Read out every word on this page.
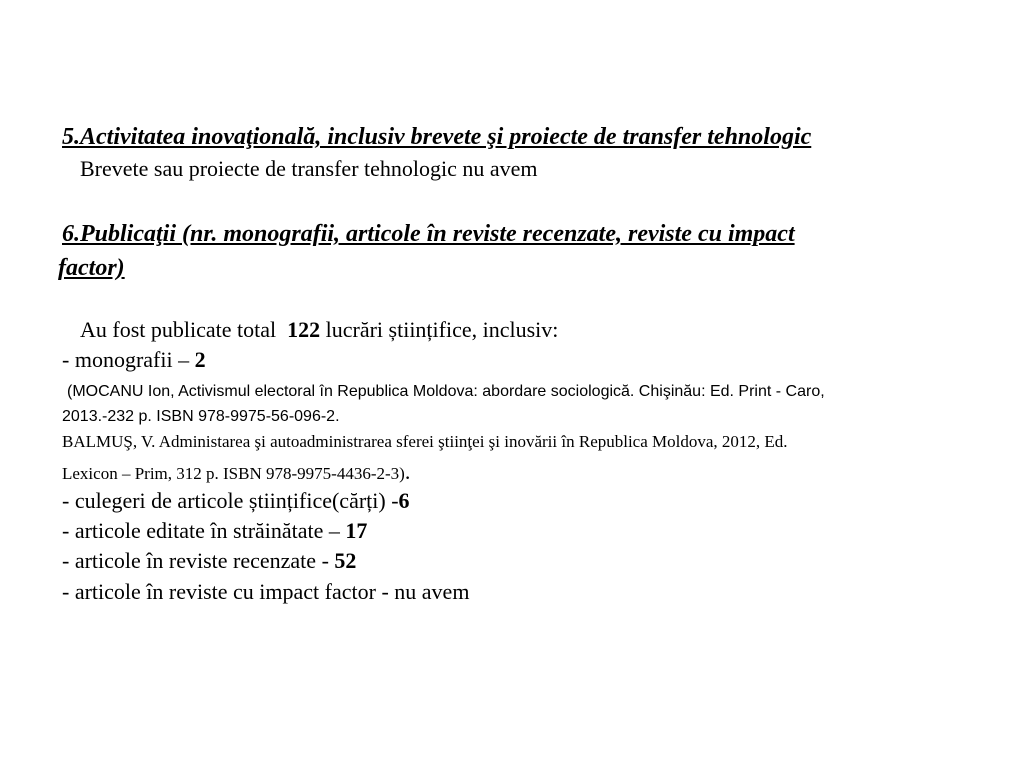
5.Activitatea inovaţională, inclusiv brevete şi proiecte de transfer tehnologic
Brevete sau proiecte de transfer tehnologic nu avem
6.Publicaţii (nr. monografii, articole în reviste recenzate, reviste cu impact
factor)
Au fost publicate total 122 lucrări științifice, inclusiv:
- monografii – 2
(MOCANU Ion, Activismul electoral în Republica Moldova: abordare sociologică. Chişinău: Ed. Print - Caro,
2013.-232 p. ISBN 978-9975-56-096-2.
BALMUŞ, V. Administarea şi autoadministrarea sferei ştiinţei şi inovării în Republica Moldova, 2012, Ed.
Lexicon – Prim, 312 p. ISBN 978-9975-4436-2-3).
- culegeri de articole științifice(cărți) -6
- articole editate în străinătate – 17
- articole în reviste recenzate - 52
- articole în reviste cu impact factor - nu avem
